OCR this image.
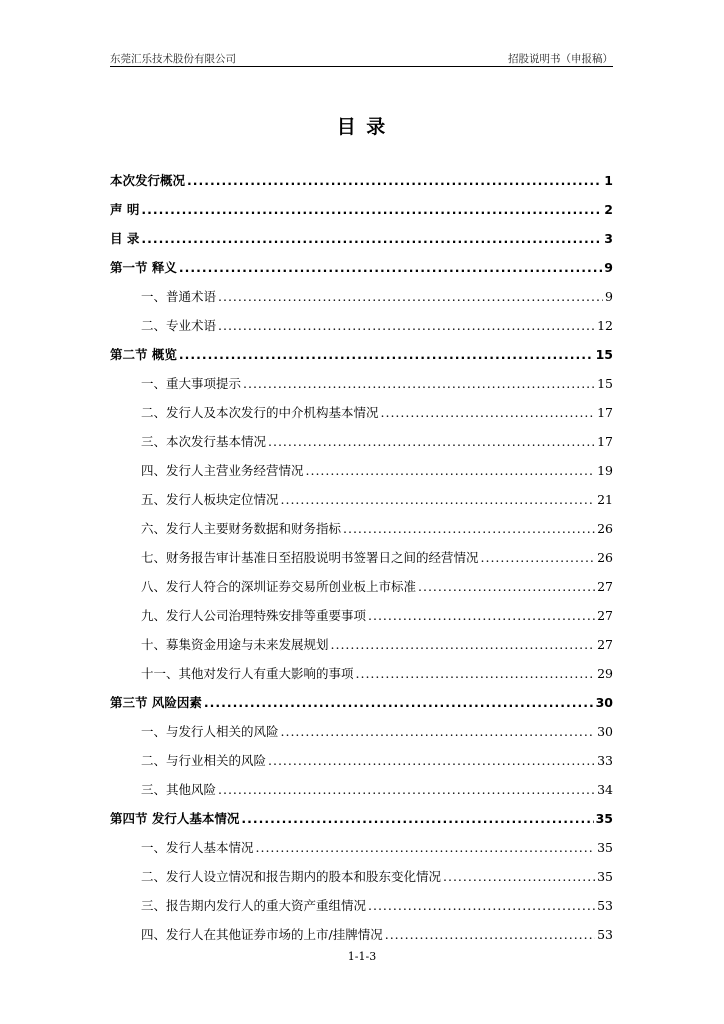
东莞汇乐技术股份有限公司	招股说明书（申报稿）
目 录
本次发行概况 .....	1
声 明 .....	2
目 录 .....	3
第一节 释义 .....	9
一、普通术语 .....	9
二、专业术语 .....	12
第二节 概览 .....	15
一、重大事项提示 .....	15
二、发行人及本次发行的中介机构基本情况 .....	17
三、本次发行基本情况 .....	17
四、发行人主营业务经营情况 .....	19
五、发行人板块定位情况 .....	21
六、发行人主要财务数据和财务指标 .....	26
七、财务报告审计基准日至招股说明书签署日之间的经营情况 .....	26
八、发行人符合的深圳证券交易所创业板上市标准 .....	27
九、发行人公司治理特殊安排等重要事项 .....	27
十、募集资金用途与未来发展规划 .....	27
十一、其他对发行人有重大影响的事项 .....	29
第三节 风险因素 .....	30
一、与发行人相关的风险 .....	30
二、与行业相关的风险 .....	33
三、其他风险 .....	34
第四节 发行人基本情况 .....	35
一、发行人基本情况 .....	35
二、发行人设立情况和报告期内的股本和股东变化情况 .....	35
三、报告期内发行人的重大资产重组情况 .....	53
四、发行人在其他证券市场的上市/挂牌情况 .....	53
1-1-3
